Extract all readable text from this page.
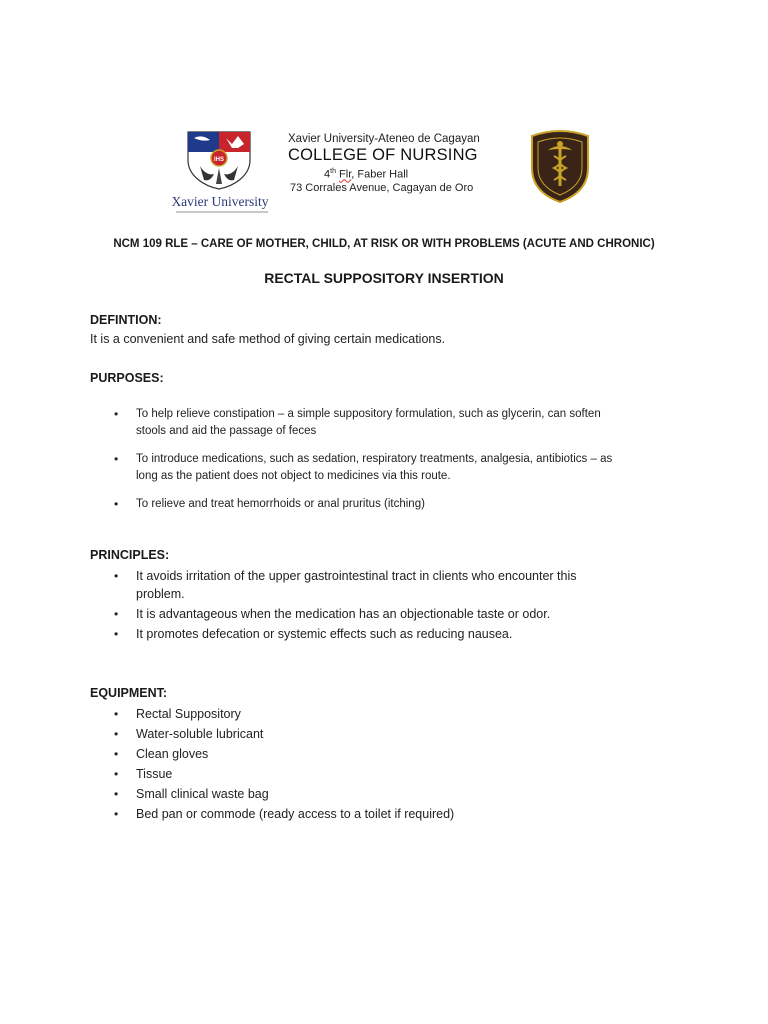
IHS
Xavier University
Xavier University-Ateneo de Cagayan
COLLEGE OF NURSING
4th Flr, Faber Hall
73 Corrales Avenue, Cagayan de Oro
NCM 109 RLE – CARE OF MOTHER, CHILD, AT RISK OR WITH PROBLEMS (ACUTE AND CHRONIC)
RECTAL SUPPOSITORY INSERTION
DEFINTION:
It is a convenient and safe method of giving certain medications.
PURPOSES:
• To help relieve constipation – a simple suppository formulation, such as glycerin, can soften
stools and aid the passage of feces
• To introduce medications, such as sedation, respiratory treatments, analgesia, antibiotics – as
long as the patient does not object to medicines via this route.
• To relieve and treat hemorrhoids or anal pruritus (itching)
PRINCIPLES:
• It avoids irritation of the upper gastrointestinal tract in clients who encounter this
problem.
• It is advantageous when the medication has an objectionable taste or odor.
• It promotes defecation or systemic effects such as reducing nausea.
EQUIPMENT:
• Rectal Suppository
• Water-soluble lubricant
• Clean gloves
• Tissue
• Small clinical waste bag
• Bed pan or commode (ready access to a toilet if required)
